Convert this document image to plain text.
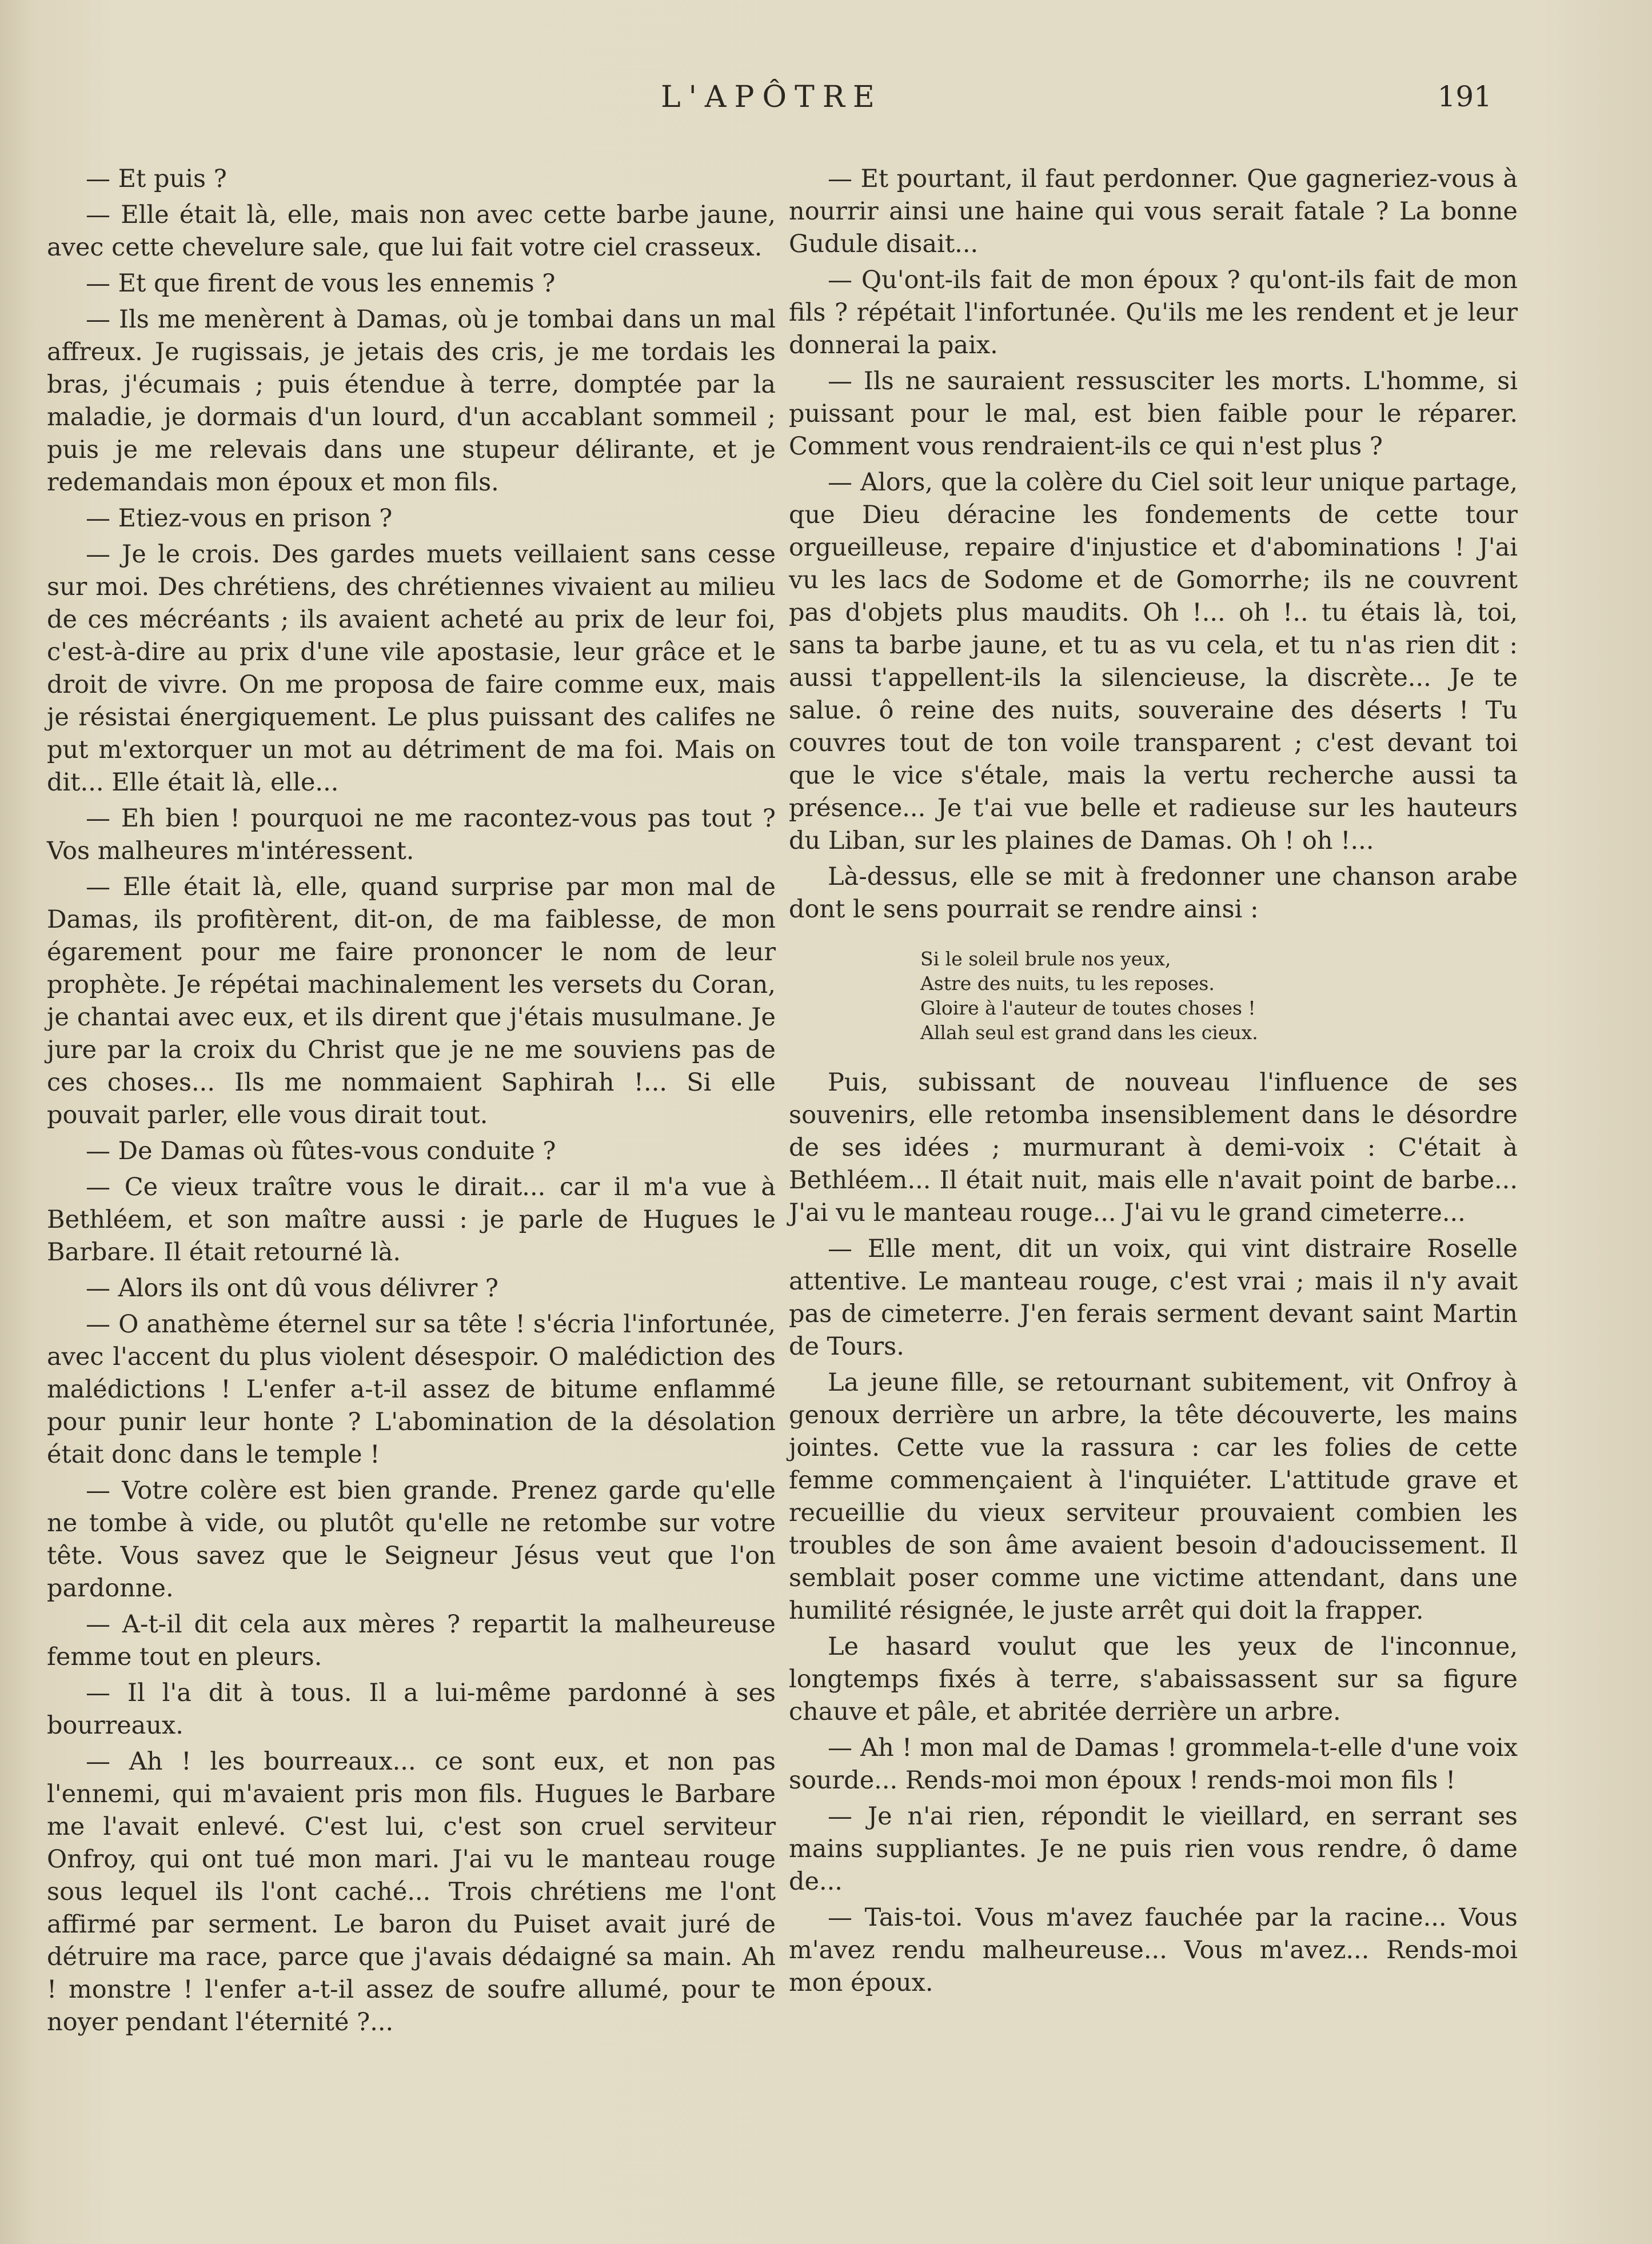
L'APÔTRE	191

— Et puis ?

— Elle était là, elle, mais non avec cette barbe jaune, avec cette chevelure sale, que lui fait votre ciel crasseux.

— Et que firent de vous les ennemis ?

— Ils me menèrent à Damas, où je tombai dans un mal affreux. Je rugissais, je jetais des cris, je me tordais les bras, j'écumais ; puis étendue à terre, domptée par la maladie, je dormais d'un lourd, d'un accablant sommeil ; puis je me relevais dans une stupeur délirante, et je redemandais mon époux et mon fils.

— Etiez-vous en prison ?

— Je le crois. Des gardes muets veillaient sans cesse sur moi. Des chrétiens, des chrétiennes vivaient au milieu de ces mécréants ; ils avaient acheté au prix de leur foi, c'est-à-dire au prix d'une vile apostasie, leur grâce et le droit de vivre. On me proposa de faire comme eux, mais je résistai énergiquement. Le plus puissant des califes ne put m'extorquer un mot au détriment de ma foi. Mais on dit... Elle était là, elle...

— Eh bien ! pourquoi ne me racontez-vous pas tout ? Vos malheures m'intéressent.

— Elle était là, elle, quand surprise par mon mal de Damas, ils profitèrent, dit-on, de ma faiblesse, de mon égarement pour me faire prononcer le nom de leur prophète. Je répétai machinalement les versets du Coran, je chantai avec eux, et ils dirent que j'étais musulmane. Je jure par la croix du Christ que je ne me souviens pas de ces choses... Ils me nommaient Saphirah !... Si elle pouvait parler, elle vous dirait tout.

— De Damas où fûtes-vous conduite ?

— Ce vieux traître vous le dirait... car il m'a vue à Bethléem, et son maître aussi : je parle de Hugues le Barbare. Il était retourné là.

— Alors ils ont dû vous délivrer ?

— O anathème éternel sur sa tête ! s'écria l'infortunée, avec l'accent du plus violent désespoir. O malédiction des malédictions ! L'enfer a-t-il assez de bitume enflammé pour punir leur honte ? L'abomination de la désolation était donc dans le temple !

— Votre colère est bien grande. Prenez garde qu'elle ne tombe à vide, ou plutôt qu'elle ne retombe sur votre tête. Vous savez que le Seigneur Jésus veut que l'on pardonne.

— A-t-il dit cela aux mères ? repartit la malheureuse femme tout en pleurs.

— Il l'a dit à tous. Il a lui-même pardonné à ses bourreaux.

— Ah ! les bourreaux... ce sont eux, et non pas l'ennemi, qui m'avaient pris mon fils. Hugues le Barbare me l'avait enlevé. C'est lui, c'est son cruel serviteur Onfroy, qui ont tué mon mari. J'ai vu le manteau rouge sous lequel ils l'ont caché... Trois chrétiens me l'ont affirmé par serment. Le baron du Puiset avait juré de détruire ma race, parce que j'avais dédaigné sa main. Ah ! monstre ! l'enfer a-t-il assez de soufre allumé, pour te noyer pendant l'éternité ?...

— Et pourtant, il faut perdonner. Que gagneriez-vous à nourrir ainsi une haine qui vous serait fatale ? La bonne Gudule disait...

— Qu'ont-ils fait de mon époux ? qu'ont-ils fait de mon fils ? répétait l'infortunée. Qu'ils me les rendent et je leur donnerai la paix.

— Ils ne sauraient ressusciter les morts. L'homme, si puissant pour le mal, est bien faible pour le réparer. Comment vous rendraient-ils ce qui n'est plus ?

— Alors, que la colère du Ciel soit leur unique partage, que Dieu déracine les fondements de cette tour orgueilleuse, repaire d'injustice et d'abominations ! J'ai vu les lacs de Sodome et de Gomorrhe; ils ne couvrent pas d'objets plus maudits. Oh !... oh !.. tu étais là, toi, sans ta barbe jaune, et tu as vu cela, et tu n'as rien dit : aussi t'appellent-ils la silencieuse, la discrète... Je te salue. ô reine des nuits, souveraine des déserts ! Tu couvres tout de ton voile transparent ; c'est devant toi que le vice s'étale, mais la vertu recherche aussi ta présence... Je t'ai vue belle et radieuse sur les hauteurs du Liban, sur les plaines de Damas. Oh ! oh !...

Là-dessus, elle se mit à fredonner une chanson arabe dont le sens pourrait se rendre ainsi :

Si le soleil brule nos yeux,
Astre des nuits, tu les reposes.
Gloire à l'auteur de toutes choses !
Allah seul est grand dans les cieux.

Puis, subissant de nouveau l'influence de ses souvenirs, elle retomba insensiblement dans le désordre de ses idées ; murmurant à demi-voix : C'était à Bethléem... Il était nuit, mais elle n'avait point de barbe... J'ai vu le manteau rouge... J'ai vu le grand cimeterre...

— Elle ment, dit un voix, qui vint distraire Roselle attentive. Le manteau rouge, c'est vrai ; mais il n'y avait pas de cimeterre. J'en ferais serment devant saint Martin de Tours.

La jeune fille, se retournant subitement, vit Onfroy à genoux derrière un arbre, la tête découverte, les mains jointes. Cette vue la rassura : car les folies de cette femme commençaient à l'inquiéter. L'attitude grave et recueillie du vieux serviteur prouvaient combien les troubles de son âme avaient besoin d'adoucissement. Il semblait poser comme une victime attendant, dans une humilité résignée, le juste arrêt qui doit la frapper.

Le hasard voulut que les yeux de l'inconnue, longtemps fixés à terre, s'abaissassent sur sa figure chauve et pâle, et abritée derrière un arbre.

— Ah ! mon mal de Damas ! grommela-t-elle d'une voix sourde... Rends-moi mon époux ! rends-moi mon fils !

— Je n'ai rien, répondit le vieillard, en serrant ses mains suppliantes. Je ne puis rien vous rendre, ô dame de...

— Tais-toi. Vous m'avez fauchée par la racine... Vous m'avez rendu malheureuse... Vous m'avez... Rends-moi mon époux.
